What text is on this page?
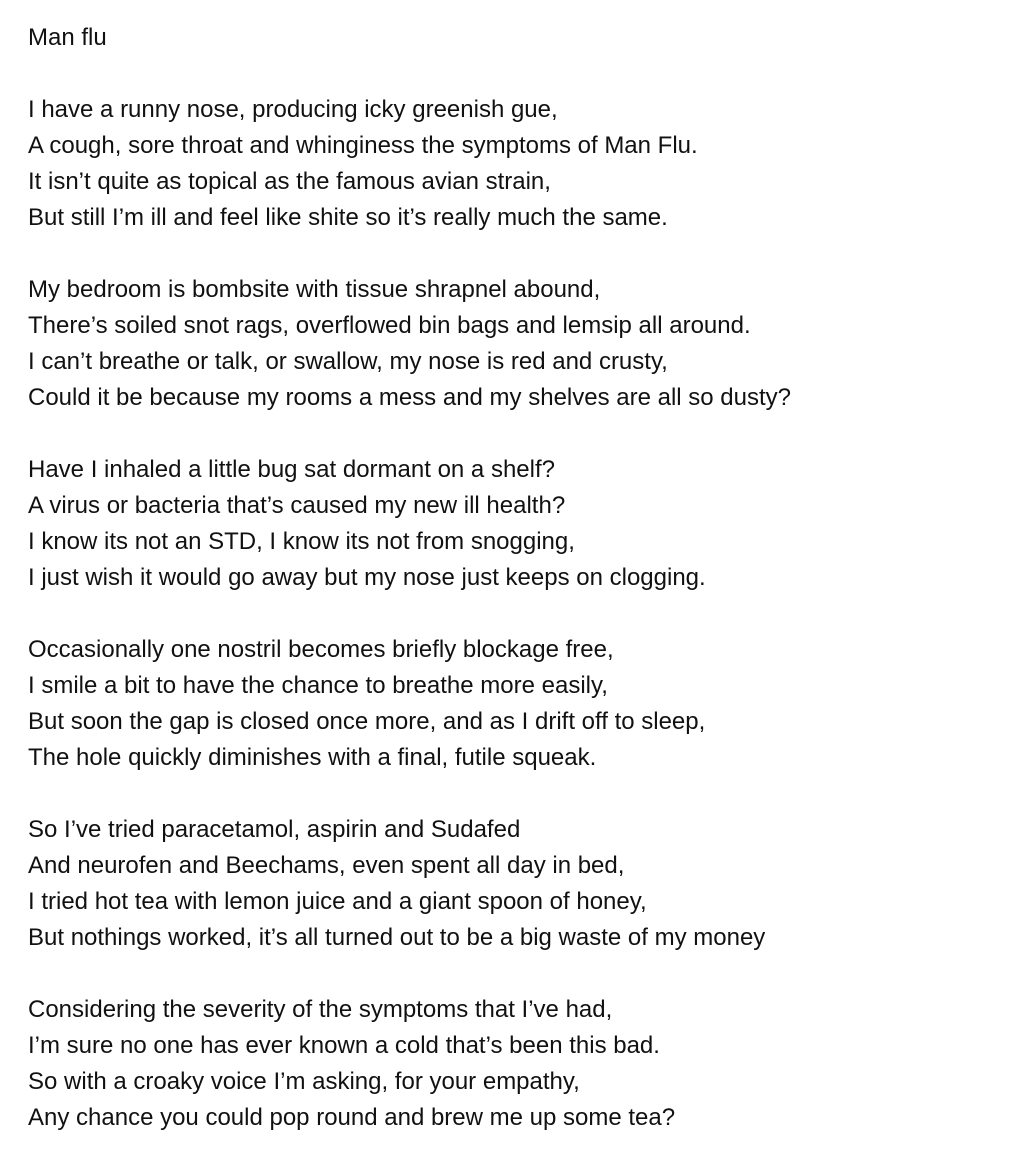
Man flu
I have a runny nose, producing icky greenish gue,
A cough, sore throat and whinginess the symptoms of Man Flu.
It isn’t quite as topical as the famous avian strain,
But still I’m ill and feel like shite so it’s really much the same.
My bedroom is bombsite with tissue shrapnel abound,
There’s soiled snot rags, overflowed bin bags and lemsip all around.
I can’t breathe or talk, or swallow, my nose is red and crusty,
Could it be because my rooms a mess and my shelves are all so dusty?
Have I inhaled a little bug sat dormant on a shelf?
A virus or bacteria that’s caused my new ill health?
I know its not an STD, I know its not from snogging,
I just wish it would go away but my nose just keeps on clogging.
Occasionally one nostril becomes briefly blockage free,
I smile a bit to have the chance to breathe more easily,
But soon the gap is closed once more, and as I drift off to sleep,
The hole quickly diminishes with a final, futile squeak.
So I’ve tried paracetamol, aspirin and Sudafed
And neurofen and Beechams, even spent all day in bed,
I tried hot tea with lemon juice and a giant spoon of honey,
But nothings worked, it’s all turned out to be a big waste of my money
Considering the severity of the symptoms that I’ve had,
I’m sure no one has ever known a cold that’s been this bad.
So with a croaky voice I’m asking, for your empathy,
Any chance you could pop round and brew me up some tea?
